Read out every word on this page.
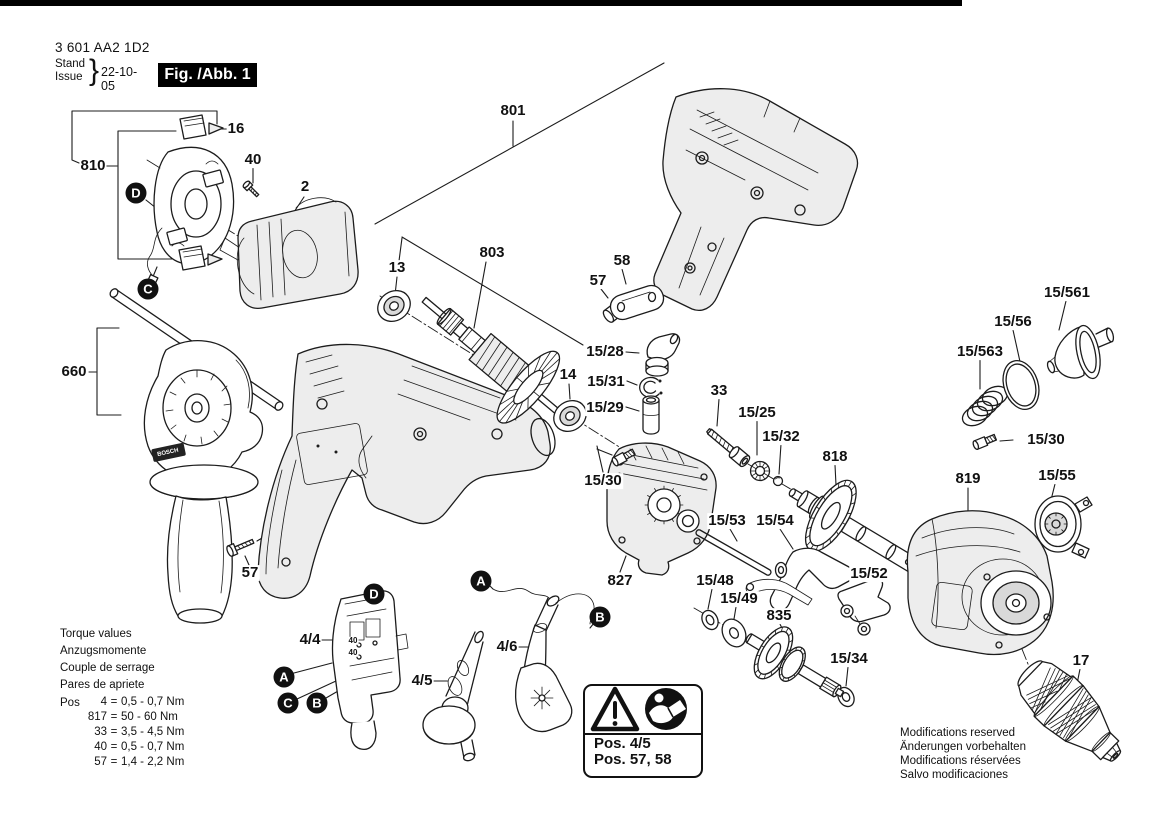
3 601 AA2 1D2
Stand
Issue } 22-10-05
Fig. /Abb. 1
Torque values
Anzugsmomente
Couple de serrage
Pares de apriete
Pos	4 = 0,5 - 0,7 Nm
817 = 50 - 60 Nm
33 = 3,5 - 4,5 Nm
40 = 0,5 - 0,7 Nm
57 = 1,4 - 2,2 Nm
Modifications reserved
Änderungen vorbehalten
Modifications réservées
Salvo modificaciones
Pos. 4/5
Pos. 57, 58
16
810	40
2
801
660
13
803
14
57
58
15/28
15/31
15/29
33
15/25
15/32
818
15/30
827
15/53 15/54
15/52
15/48
15/49
835
15/34
819
15/561
15/56
15/563
15/30
15/55
17
4/4
4/5
4/6
57
40
40
BOSCH
D
C
D
A
C	B
A
B
